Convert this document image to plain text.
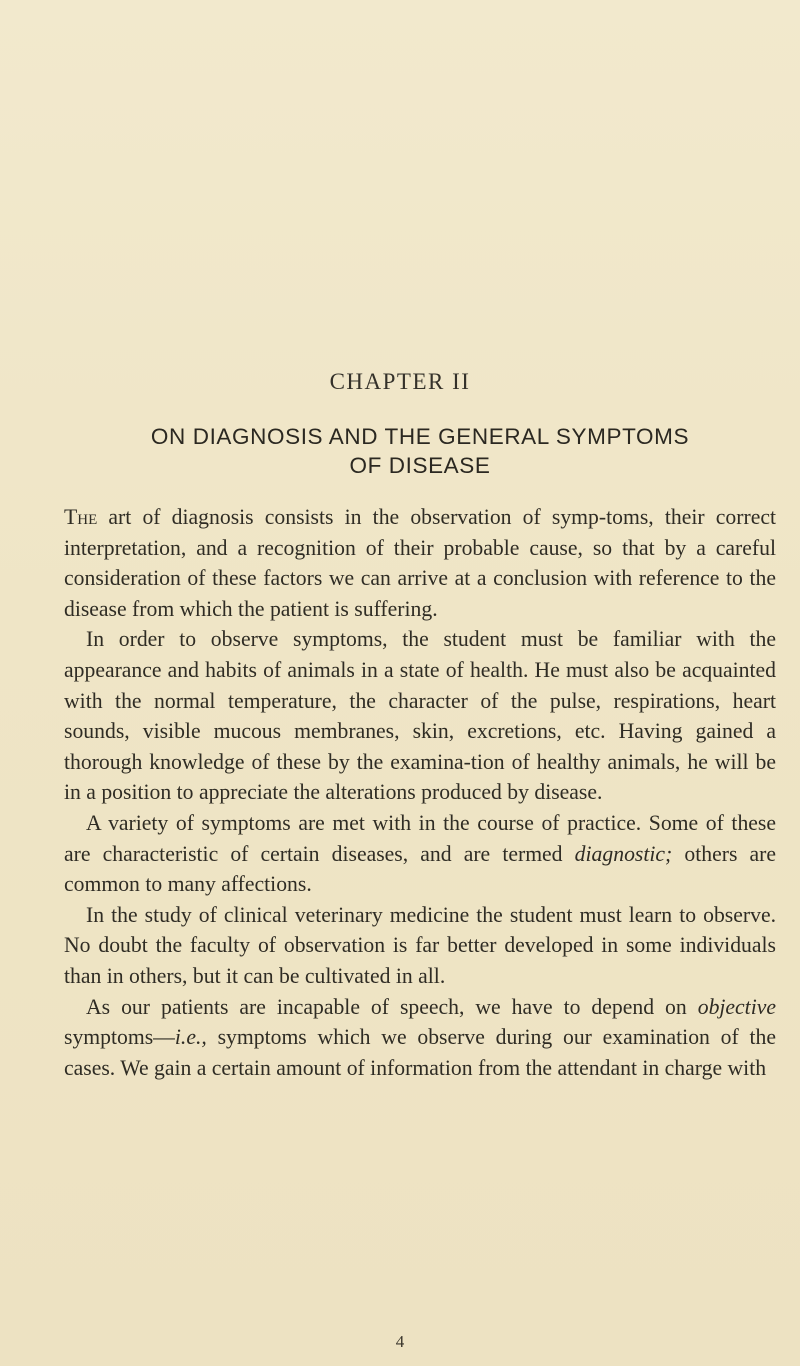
CHAPTER II
ON DIAGNOSIS AND THE GENERAL SYMPTOMS
OF DISEASE

The art of diagnosis consists in the observation of symp-toms, their correct interpretation, and a recognition of their probable cause, so that by a careful consideration of these factors we can arrive at a conclusion with reference to the disease from which the patient is suffering.

In order to observe symptoms, the student must be familiar with the appearance and habits of animals in a state of health. He must also be acquainted with the normal temperature, the character of the pulse, respirations, heart sounds, visible mucous membranes, skin, excretions, etc. Having gained a thorough knowledge of these by the examina-tion of healthy animals, he will be in a position to appreciate the alterations produced by disease.

A variety of symptoms are met with in the course of practice. Some of these are characteristic of certain diseases, and are termed diagnostic; others are common to many affections.

In the study of clinical veterinary medicine the student must learn to observe. No doubt the faculty of observation is far better developed in some individuals than in others, but it can be cultivated in all.

As our patients are incapable of speech, we have to depend on objective symptoms—i.e., symptoms which we observe during our examination of the cases. We gain a certain amount of information from the attendant in charge with

4
